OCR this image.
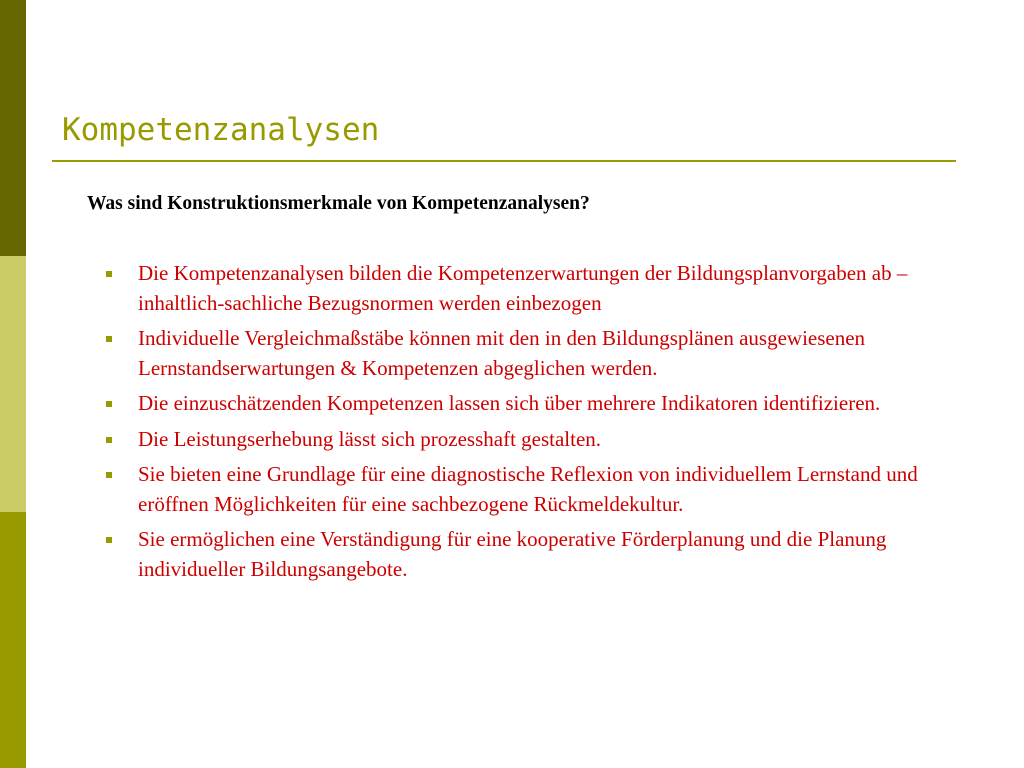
Kompetenzanalysen
Was sind Konstruktionsmerkmale von Kompetenzanalysen?
Die Kompetenzanalysen bilden die Kompetenzerwartungen der Bildungsplanvorgaben ab – inhaltlich-sachliche Bezugsnormen werden einbezogen
Individuelle Vergleichmaßstäbe können mit den in den Bildungsplänen ausgewiesenen Lernstandserwartungen & Kompetenzen abgeglichen werden.
Die einzuschätzenden Kompetenzen lassen sich über mehrere Indikatoren identifizieren.
Die Leistungserhebung lässt sich prozesshaft gestalten.
Sie bieten eine Grundlage für eine diagnostische Reflexion von individuellem Lernstand und eröffnen Möglichkeiten für eine sachbezogene Rückmeldekultur.
Sie ermöglichen eine Verständigung für eine kooperative Förderplanung und die Planung individueller Bildungsangebote.
